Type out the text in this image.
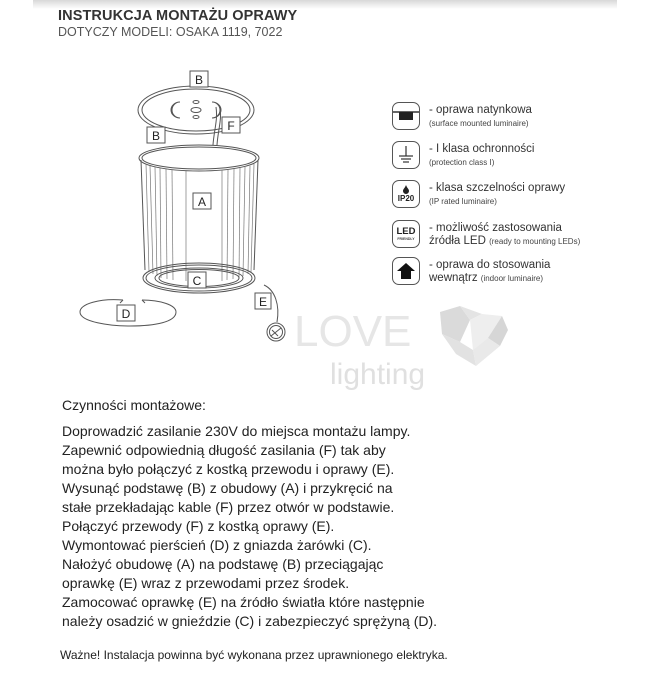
INSTRUKCJA MONTAŻU OPRAWY
DOTYCZY MODELI: OSAKA 1119, 7022
LOVE
lighting
B
B
F
A
C
D
E
- oprawa natynkowa
(surface mounted luminaire)
- I klasa ochronności
(protection class I)
IP20
- klasa szczelności oprawy
(IP rated luminaire)
LED
FRIENDLY
- możliwość zastosowania
źródła LED (ready to mounting LEDs)
- oprawa do stosowania
wewnątrz (indoor luminaire)
Czynności montażowe:
Doprowadzić zasilanie 230V do miejsca montażu lampy.
Zapewnić odpowiednią długość zasilania (F) tak aby
można było połączyć z kostką przewodu i oprawy (E).
Wysunąć podstawę (B) z obudowy (A) i przykręcić na
stałe przekładając kable (F) przez otwór w podstawie.
Połączyć przewody (F) z kostką oprawy (E).
Wymontować pierścień (D) z gniazda żarówki (C).
Nałożyć obudowę (A) na podstawę (B) przeciągając
oprawkę (E) wraz z przewodami przez środek.
Zamocować oprawkę (E) na źródło światła które następnie
należy osadzić w gnieździe (C) i zabezpieczyć sprężyną (D).
Ważne! Instalacja powinna być wykonana przez uprawnionego elektryka.
